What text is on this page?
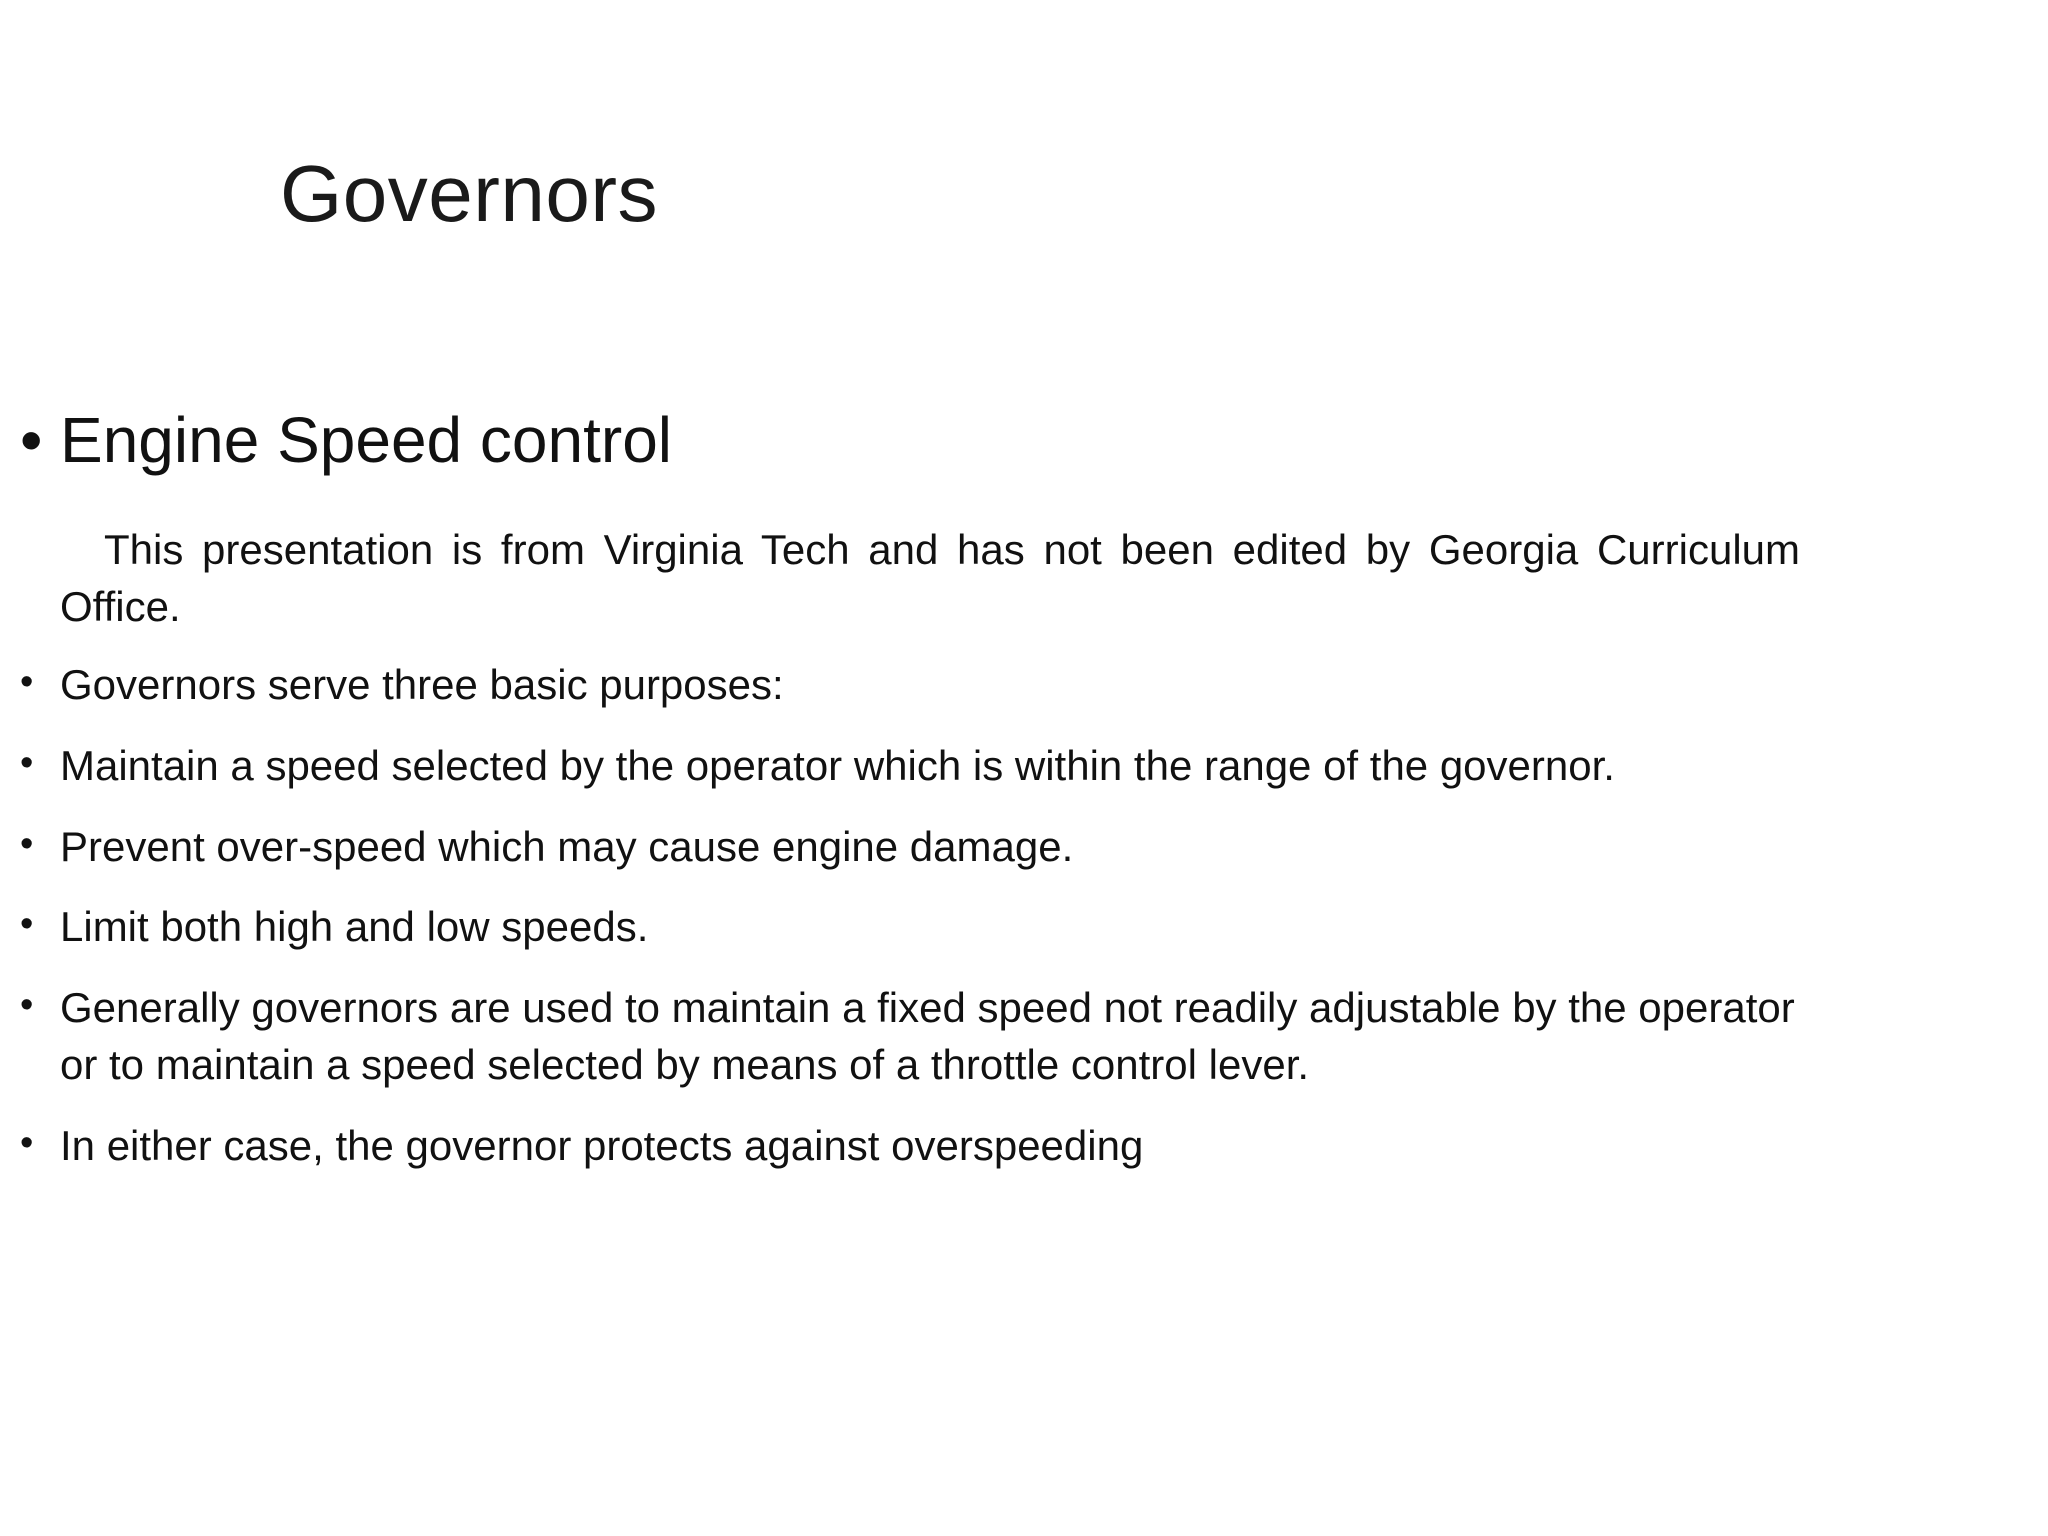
Governors

• Engine Speed control

This presentation is from Virginia Tech and has not been edited by Georgia Curriculum Office.

• Governors serve three basic purposes:

• Maintain a speed selected by the operator which is within the range of the governor.

• Prevent over-speed which may cause engine damage.

• Limit both high and low speeds.

• Generally governors are used to maintain a fixed speed not readily adjustable by the operator or to maintain a speed selected by means of a throttle control lever.

• In either case, the governor protects against overspeeding
